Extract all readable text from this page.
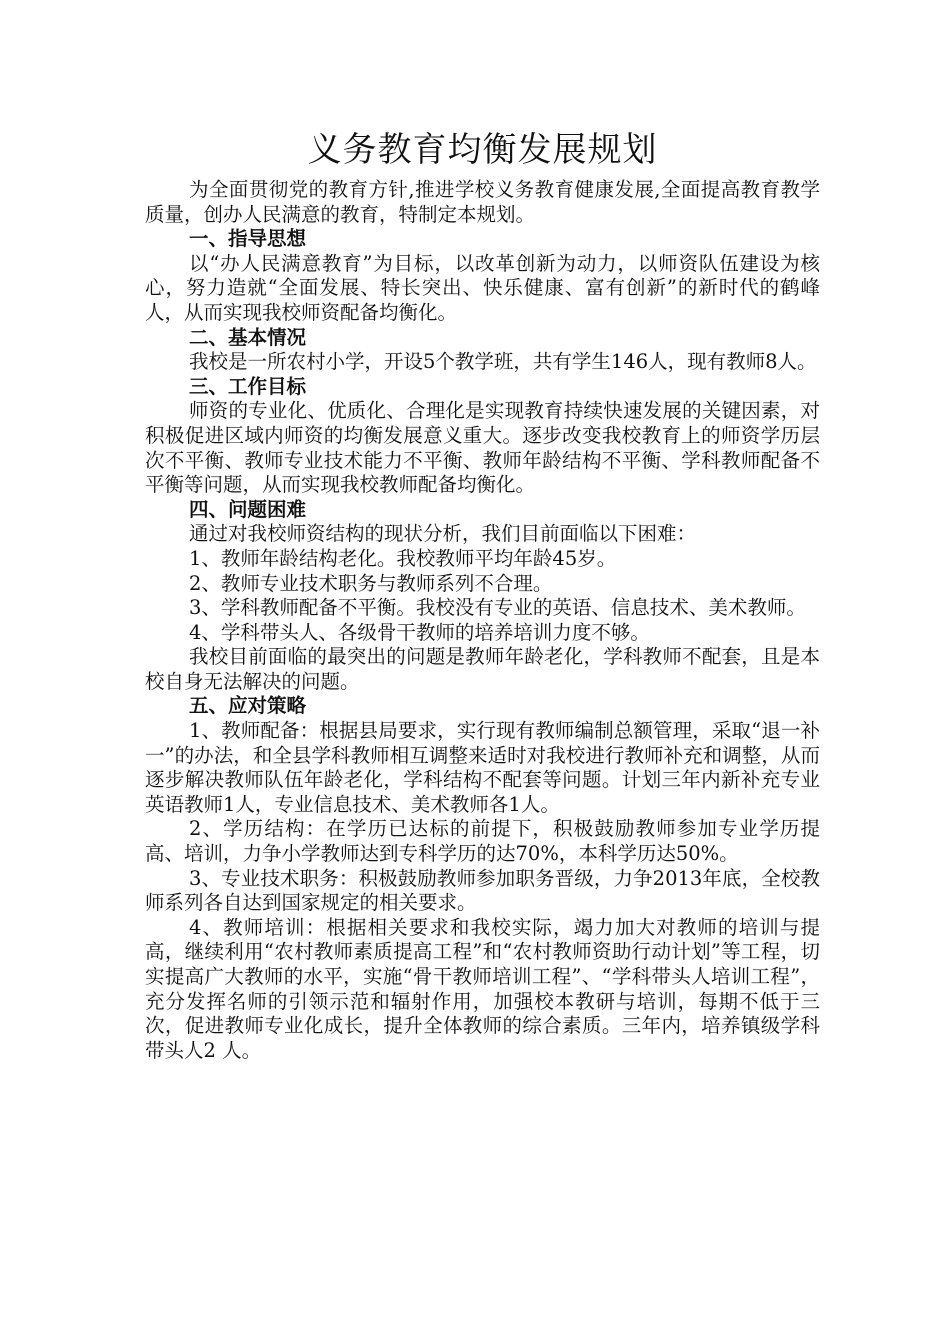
义务教育均衡发展规划

为全面贯彻党的教育方针,推进学校义务教育健康发展,全面提高教育教学质量，创办人民满意的教育，特制定本规划。

一、指导思想

以“办人民满意教育”为目标，以改革创新为动力，以师资队伍建设为核心，努力造就“全面发展、特长突出、快乐健康、富有创新”的新时代的鹤峰人，从而实现我校师资配备均衡化。

二、基本情况

我校是一所农村小学，开设5个教学班，共有学生146人，现有教师8人。

三、工作目标

师资的专业化、优质化、合理化是实现教育持续快速发展的关键因素，对积极促进区域内师资的均衡发展意义重大。逐步改变我校教育上的师资学历层次不平衡、教师专业技术能力不平衡、教师年龄结构不平衡、学科教师配备不平衡等问题，从而实现我校教师配备均衡化。

四、问题困难

通过对我校师资结构的现状分析，我们目前面临以下困难：

1、教师年龄结构老化。我校教师平均年龄45岁。

2、教师专业技术职务与教师系列不合理。

3、学科教师配备不平衡。我校没有专业的英语、信息技术、美术教师。

4、学科带头人、各级骨干教师的培养培训力度不够。

我校目前面临的最突出的问题是教师年龄老化，学科教师不配套，且是本校自身无法解决的问题。

五、应对策略

1、教师配备：根据县局要求，实行现有教师编制总额管理，采取“退一补一”的办法，和全县学科教师相互调整来适时对我校进行教师补充和调整，从而逐步解决教师队伍年龄老化，学科结构不配套等问题。计划三年内新补充专业英语教师1人，专业信息技术、美术教师各1人。

2、学历结构：在学历已达标的前提下，积极鼓励教师参加专业学历提高、培训，力争小学教师达到专科学历的达70%，本科学历达50%。

3、专业技术职务：积极鼓励教师参加职务晋级，力争2013年底，全校教师系列各自达到国家规定的相关要求。

4、教师培训：根据相关要求和我校实际，竭力加大对教师的培训与提高，继续利用“农村教师素质提高工程”和“农村教师资助行动计划”等工程，切实提高广大教师的水平，实施“骨干教师培训工程”、“学科带头人培训工程”，充分发挥名师的引领示范和辐射作用，加强校本教研与培训，每期不低于三次，促进教师专业化成长，提升全体教师的综合素质。三年内，培养镇级学科带头人2 人。
